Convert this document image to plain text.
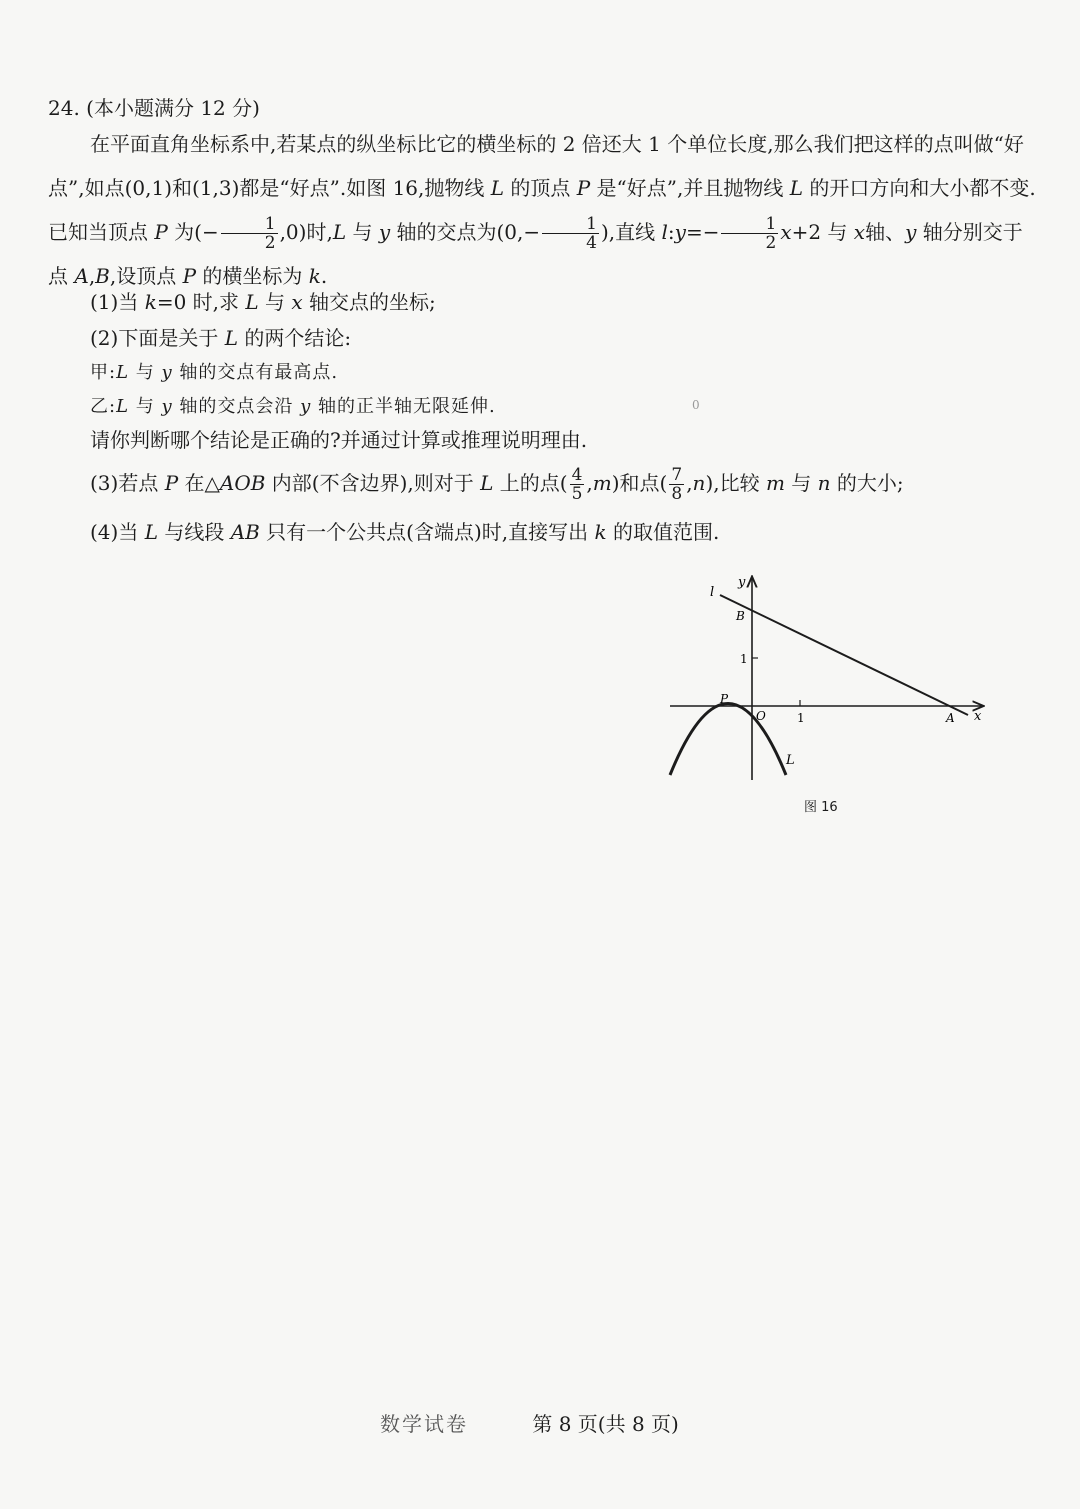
24. (本小题满分 12 分)

在平面直角坐标系中,若某点的纵坐标比它的横坐标的 2 倍还大 1 个单位长度,那么我们把这样的点叫做“好点”,如点(0,1)和(1,3)都是“好点”.如图 16,抛物线 L 的顶点 P 是“好点”,并且抛物线 L 的开口方向和大小都不变.已知当顶点 P 为(− $\frac{1}{2} ,0$)时,L 与 y 轴的交点为($0,- \frac{1}{4}$ ),直线 l:y=− $\frac{1}{2} x+2$ 与 x轴、y 轴分别交于点 A,B,设顶点 P 的横坐标为 k.

(1)当 k=0 时,求 L 与 x 轴交点的坐标;
(2)下面是关于 L 的两个结论:
甲:L 与 y 轴的交点有最高点.
乙:L 与 y 轴的交点会沿 y 轴的正半轴无限延伸.
请你判断哪个结论是正确的?并通过计算或推理说明理由.
(3)若点 P 在△AOB 内部(不含边界),则对于 L 上的点( $\frac{4}{5} ,m$)和点( $\frac{7}{8} ,n$),比较 m 与 n 的大小;
(4)当 L 与线段 AB 只有一个公共点(含端点)时,直接写出 k 的取值范围.
0
l
y
B
1
P
O	1	A x
L
图 16
数学试卷	第 8 页(共 8 页)
